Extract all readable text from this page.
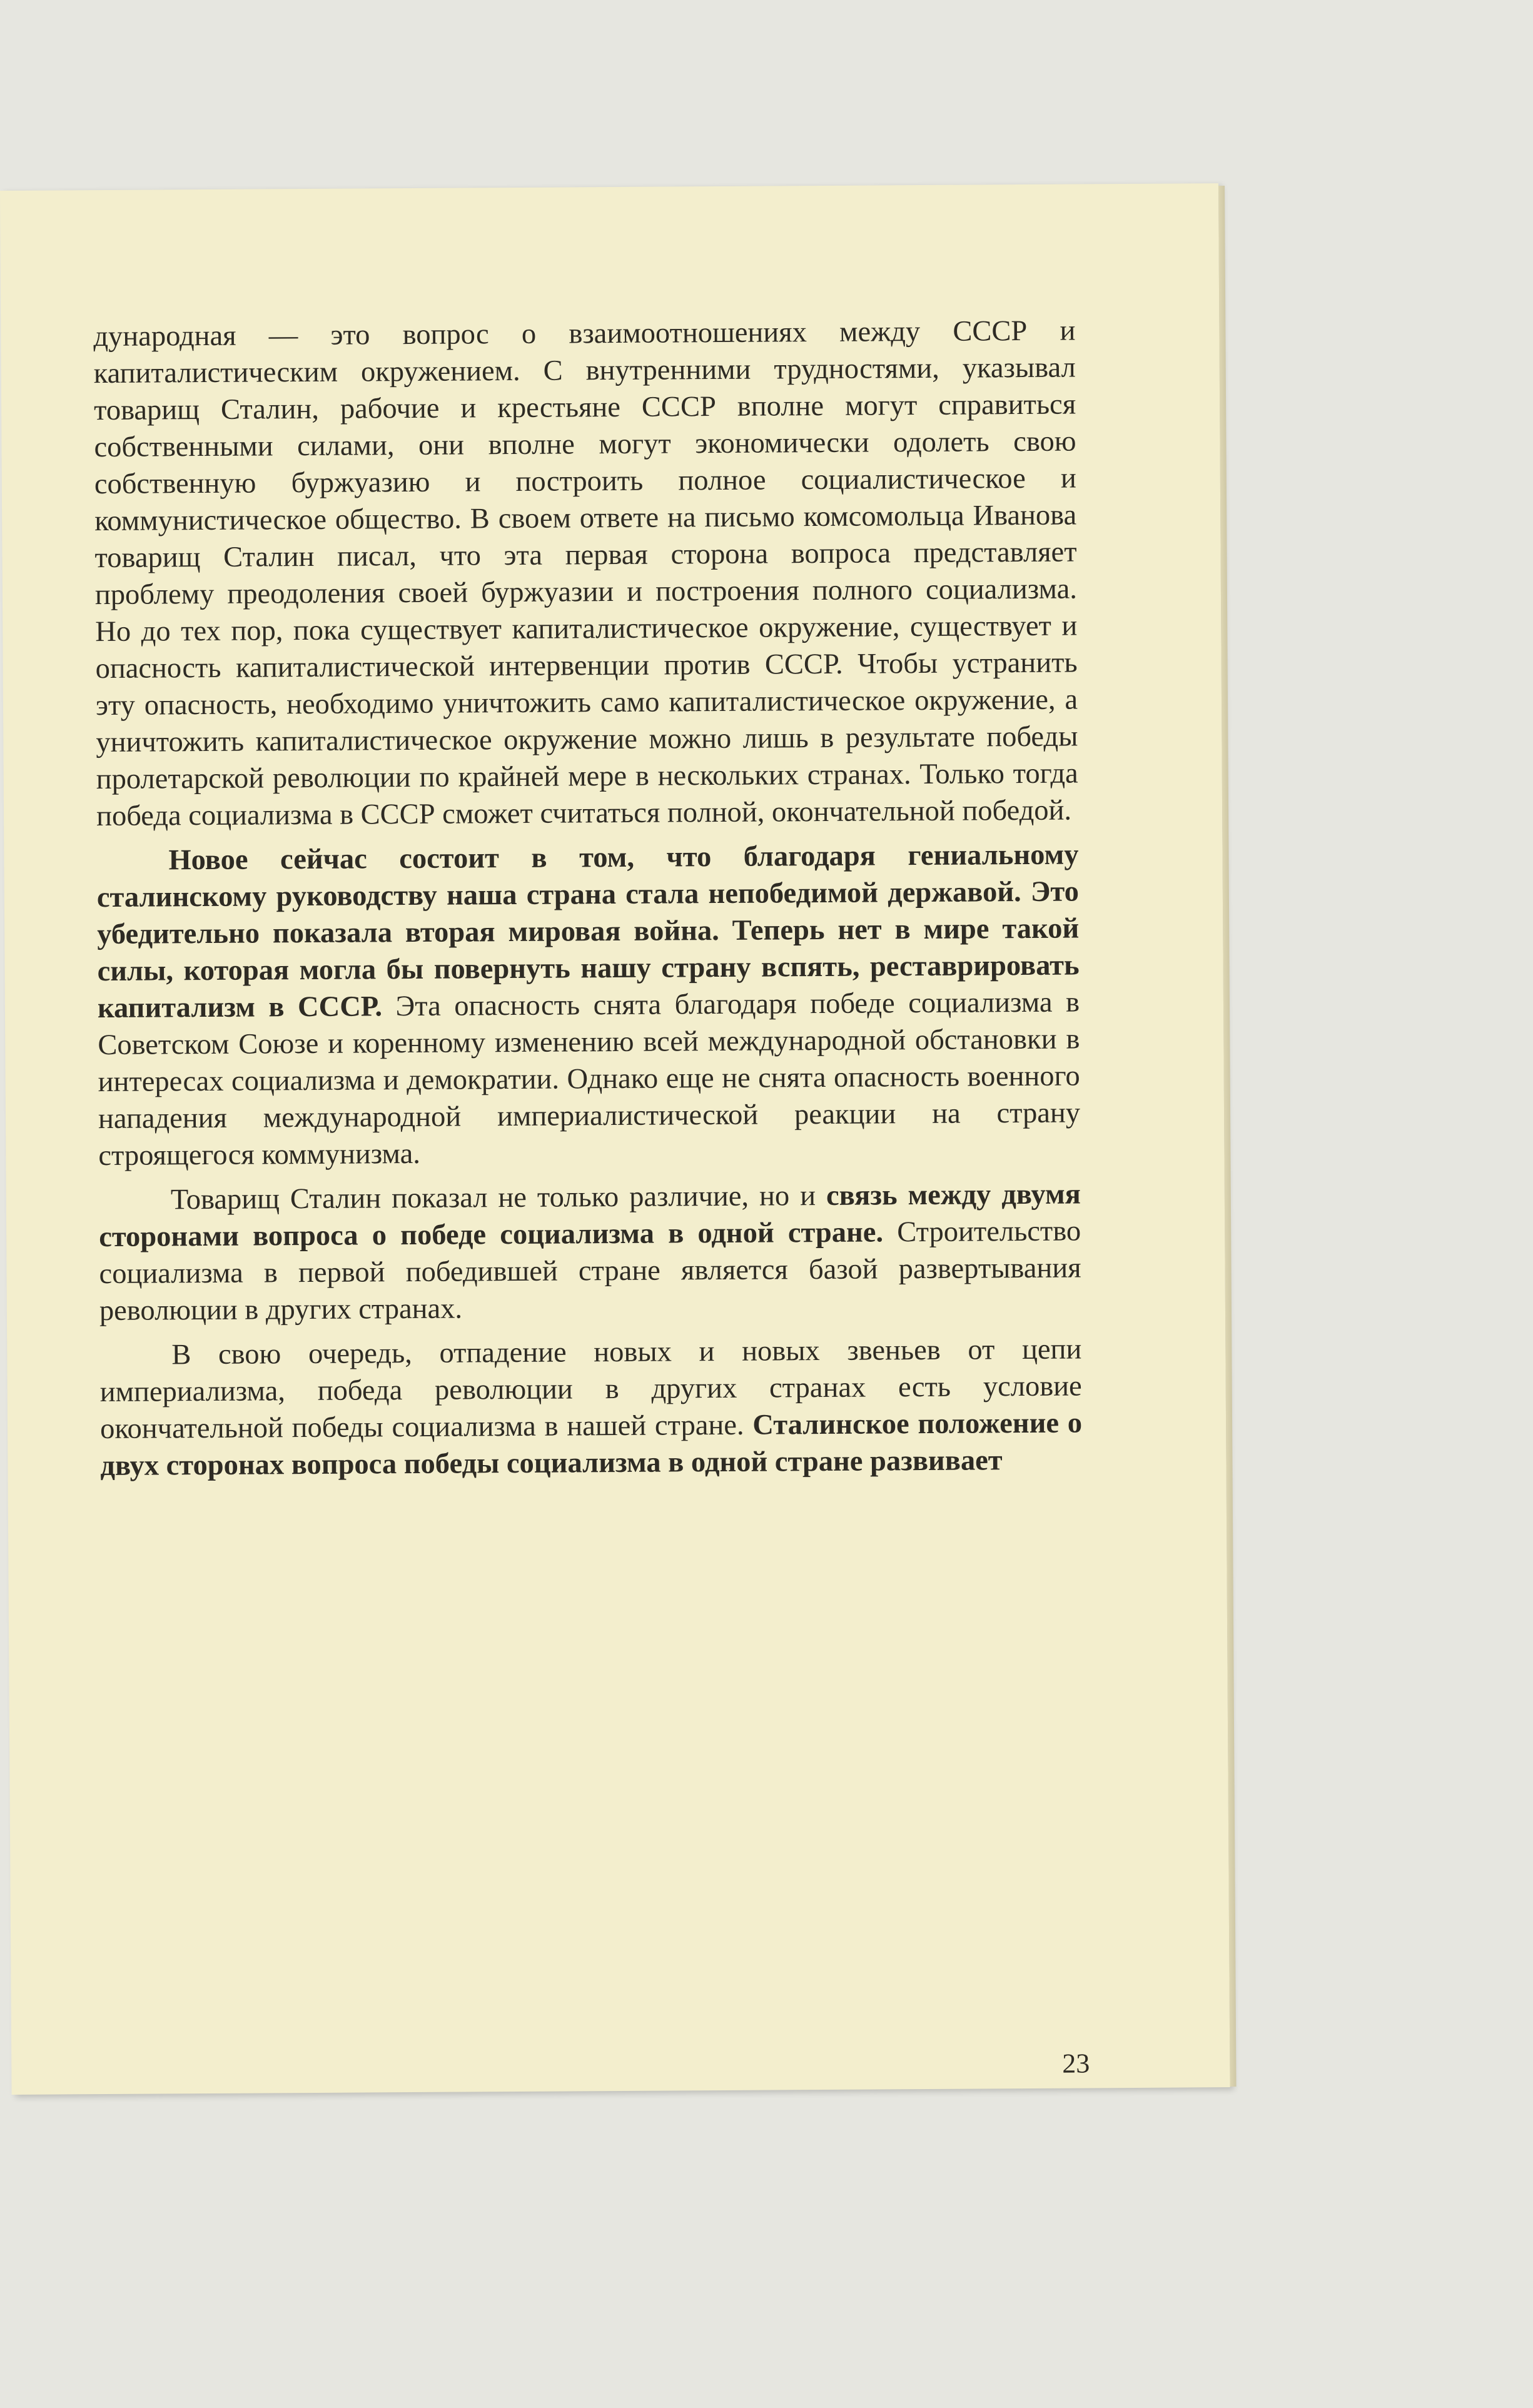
дународная — это вопрос о взаимоотношениях между СССР и капиталистическим окружением. С внутренними трудностями, указывал товарищ Сталин, рабочие и крестьяне СССР вполне могут справиться собственными силами, они вполне могут экономически одолеть свою собственную буржуазию и построить полное социалистическое и коммунистическое общество. В своем ответе на письмо комсомольца Иванова товарищ Сталин писал, что эта первая сторона вопроса представляет проблему преодоления своей буржуазии и построения полного социализма. Но до тех пор, пока существует капиталистическое окружение, существует и опасность капиталистической интервенции против СССР. Чтобы устранить эту опасность, необходимо уничтожить само капиталистическое окружение, а уничтожить капиталистическое окружение можно лишь в результате победы пролетарской революции по крайней мере в нескольких странах. Только тогда победа социализма в СССР сможет считаться полной, окончательной победой.

Новое сейчас состоит в том, что благодаря гениальному сталинскому руководству наша страна стала непобедимой державой. Это убедительно показала вторая мировая война. Теперь нет в мире такой силы, которая могла бы повернуть нашу страну вспять, реставрировать капитализм в СССР. Эта опасность снята благодаря победе социализма в Советском Союзе и коренному изменению всей международной обстановки в интересах социализма и демократии. Однако еще не снята опасность военного нападения международной империалистической реакции на страну строящегося коммунизма.

Товарищ Сталин показал не только различие, но и связь между двумя сторонами вопроса о победе социализма в одной стране. Строительство социализма в первой победившей стране является базой развертывания революции в других странах.

В свою очередь, отпадение новых и новых звеньев от цепи империализма, победа революции в других странах есть условие окончательной победы социализма в нашей стране. Сталинское положение о двух сторонах вопроса победы социализма в одной стране развивает

23
